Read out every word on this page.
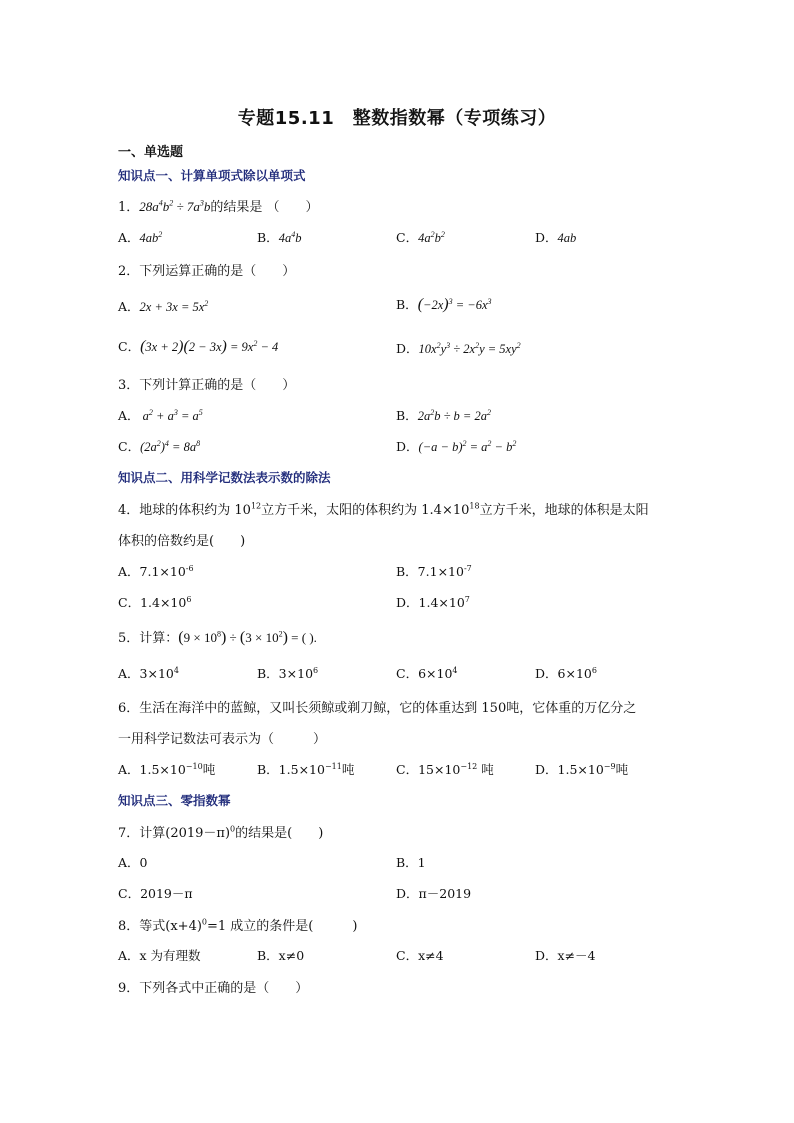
专题15.11　整数指数幂（专项练习）
一、单选题
知识点一、计算单项式除以单项式
1．$28a^4b^2 \div 7a^3b$的结果是 （　　）
A．$4ab^2$	B．$4a^4b$	C．$4a^2b^2$	D．4ab
2．下列运算正确的是（　　）
A．$2x + 3x = 5x^2$	B．$(-2x)^3 = -6x^3$
C．$(3x + 2)(2 - 3x) = 9x^2 - 4$	D．$10x^2y^3 \div 2x^2y = 5xy^2$
3．下列计算正确的是（　　）
A． $a^2 + a^3 = a^5$	B．$2a^2b \div b = 2a^2$
C．$(2a^2)^4 = 8a^8$	D．$(-a - b)^2 = a^2 - b^2$
知识点二、用科学记数法表示数的除法
4．地球的体积约为 $10^{12}$立方千米，太阳的体积约为 $1.4\times 10^{18}$立方千米，地球的体积是太阳
体积的倍数约是(　　)
A．$7.1\times 10^{-6}$	B．$7.1\times 10^{-7}$
C．$1.4\times 10^6$	D．$1.4\times 10^7$
5．计算：$(9 \times 10^8) \div (3 \times 10^2)$ = ( ).
A．$3\times 10^4$	B．$3\times 10^6$	C．$6\times 10^4$	D．$6\times 10^6$
6．生活在海洋中的蓝鲸，又叫长须鲸或剃刀鲸，它的体重达到 150吨，它体重的万亿分之
一用科学记数法可表示为（　　　）
A．$1.5\times 10^{-10}$吨	B．$1.5\times 10^{-11}$吨	C．$15\times 10^{-12}$ 吨	D．$1.5\times 10^{-9}$吨
知识点三、零指数幂
7．计算$(2019-\pi)^0$的结果是(　　)
A．0	B．1
C．2019－π	D．π－2019
8．等式$(x+4)^0=1$ 成立的条件是(　　　)
A．x 为有理数	B．x≠0	C．x≠4	D．x≠－4
9．下列各式中正确的是（　　）
